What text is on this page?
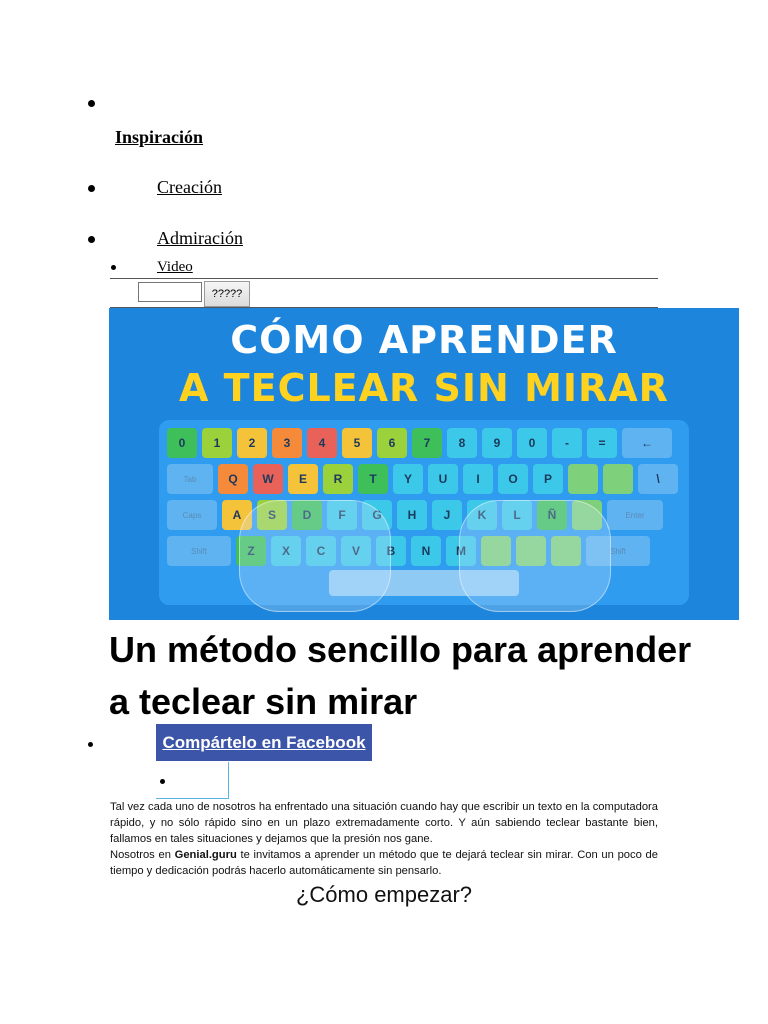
Inspiración
Creación
Admiración
Video
?????
CÓMO APRENDER
A TECLEAR SIN MIRAR
0	1	2	3	4	5	6	7	8	9	0	-	=	←
Tab	Q	W	E	R	T	Y	U	I	O	P	\
Caps	A	S	D	F	G	H	J	K	L	Ñ	Enter
Shift	Z	X	C	V	B	N	M	Shift
Un método sencillo para aprender a teclear sin mirar
Compártelo en Facebook
Tal vez cada uno de nosotros ha enfrentado una situación cuando hay que escribir un texto en la computadora rápido, y no sólo rápido sino en un plazo extremadamente corto. Y aún sabiendo teclear bastante bien, fallamos en tales situaciones y dejamos que la presión nos gane.
Nosotros en Genial.guru te invitamos a aprender un método que te dejará teclear sin mirar. Con un poco de tiempo y dedicación podrás hacerlo automáticamente sin pensarlo.
¿Cómo empezar?
